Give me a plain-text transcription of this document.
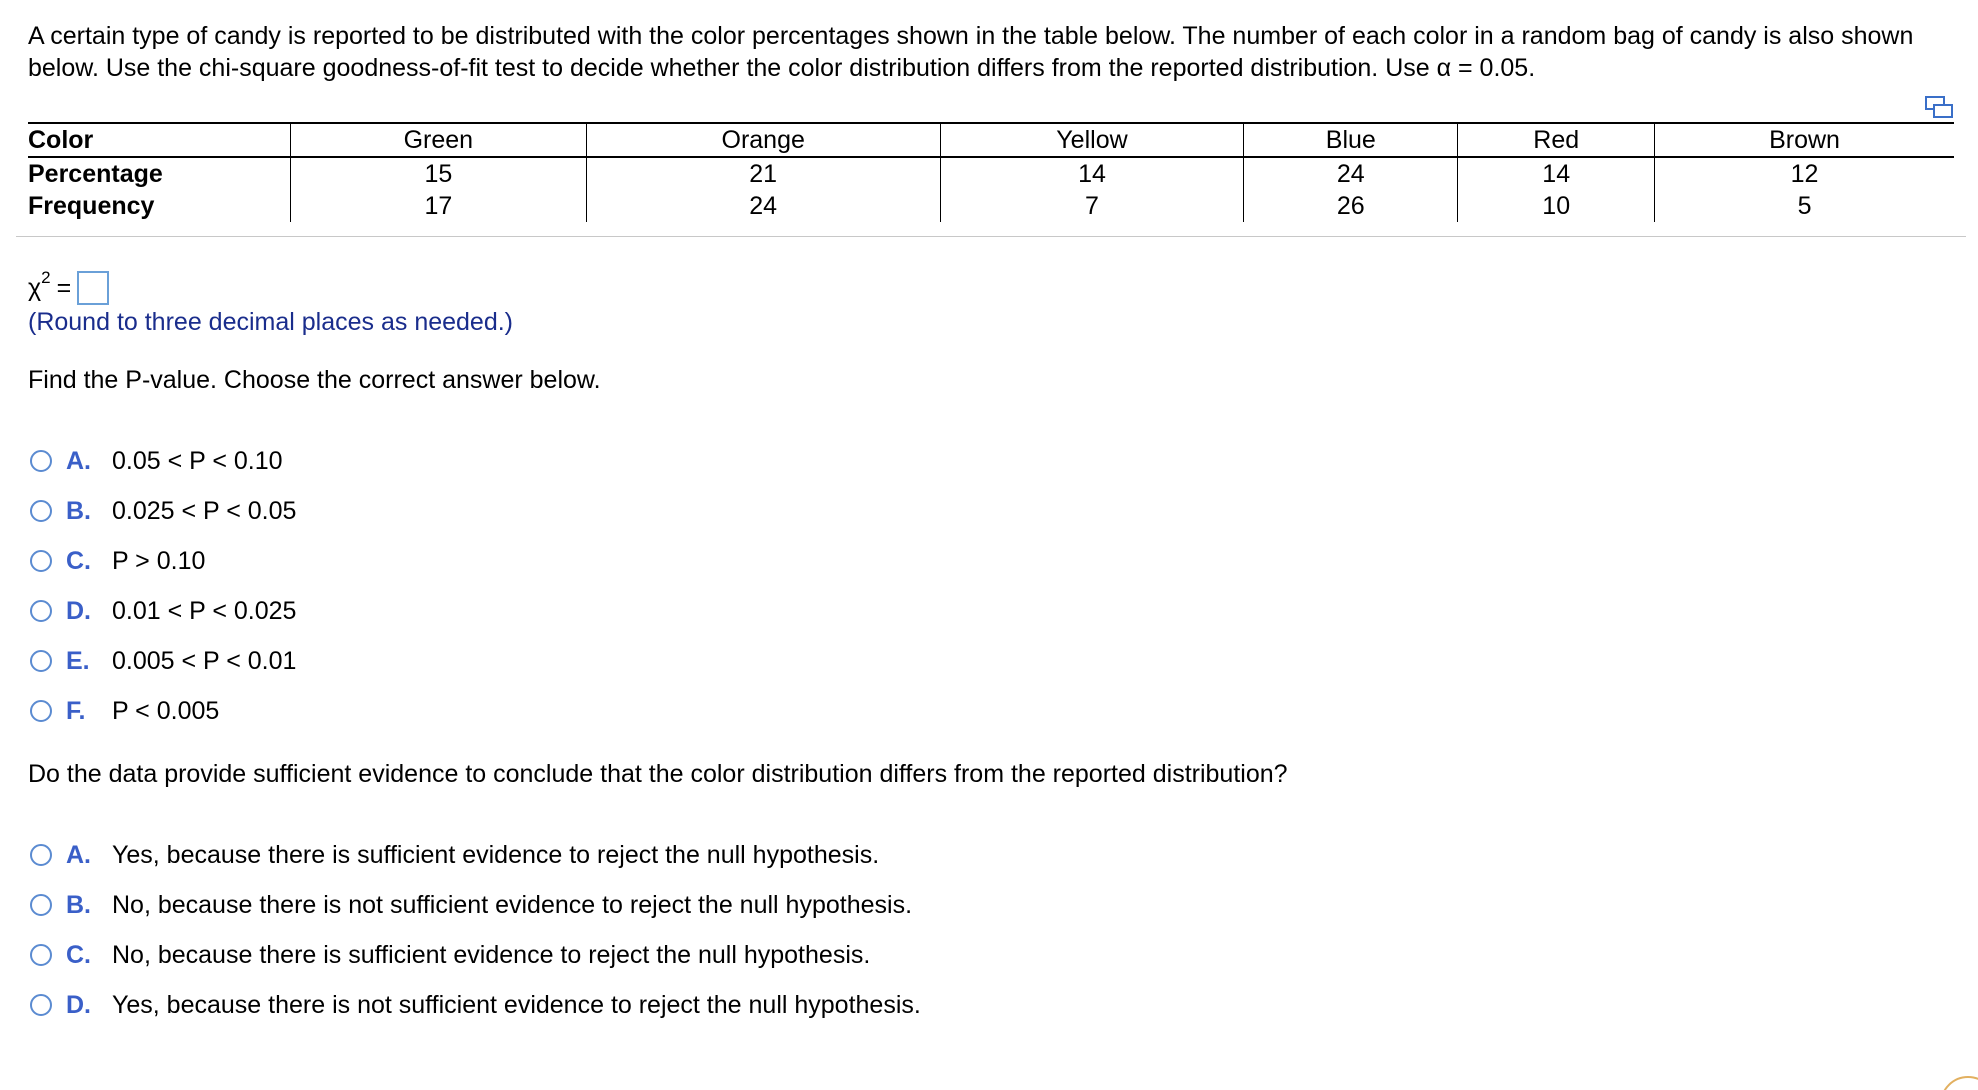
A certain type of candy is reported to be distributed with the color percentages shown in the table below. The number of each color in a random bag of candy is also shown below. Use the chi-square goodness-of-fit test to decide whether the color distribution differs from the reported distribution. Use α = 0.05.
Color	Green	Orange	Yellow	Blue	Red	Brown
Percentage	15	21	14	24	14	12
Frequency	17	24	7	26	10	5
χ 2 =
(Round to three decimal places as needed.)
Find the P-value. Choose the correct answer below.
A. 0.05 < P < 0.10
B. 0.025 < P < 0.05
C. P > 0.10
D. 0.01 < P < 0.025
E. 0.005 < P < 0.01
F.	P < 0.005
Do the data provide sufficient evidence to conclude that the color distribution differs from the reported distribution?
A. Yes, because there is sufficient evidence to reject the null hypothesis.
B. No, because there is not sufficient evidence to reject the null hypothesis.
C. No, because there is sufficient evidence to reject the null hypothesis.
D. Yes, because there is not sufficient evidence to reject the null hypothesis.
